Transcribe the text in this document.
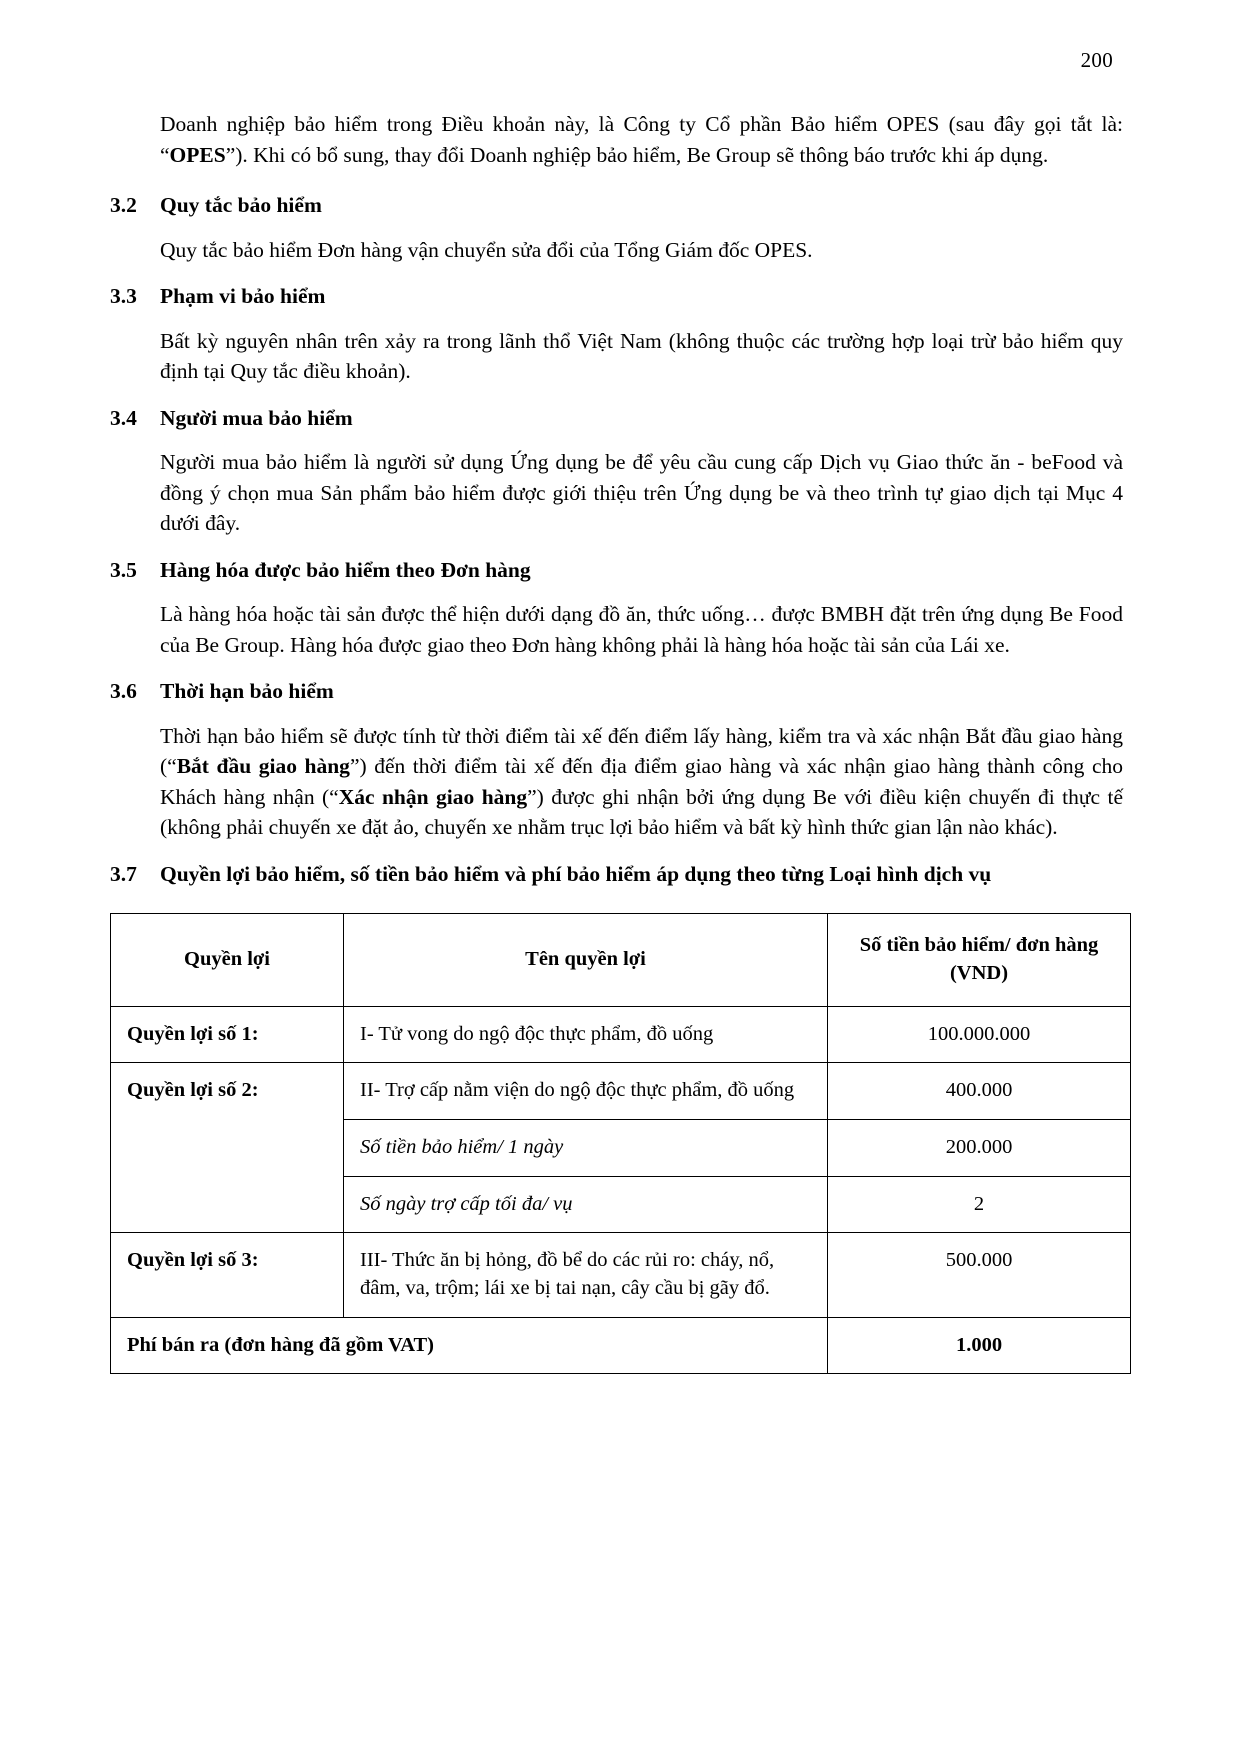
200

Doanh nghiệp bảo hiểm trong Điều khoản này, là Công ty Cổ phần Bảo hiểm OPES (sau đây gọi tắt là: “OPES”). Khi có bổ sung, thay đổi Doanh nghiệp bảo hiểm, Be Group sẽ thông báo trước khi áp dụng.

3.2	Quy tắc bảo hiểm

Quy tắc bảo hiểm Đơn hàng vận chuyển sửa đổi của Tổng Giám đốc OPES.

3.3	Phạm vi bảo hiểm

Bất kỳ nguyên nhân trên xảy ra trong lãnh thổ Việt Nam (không thuộc các trường hợp loại trừ bảo hiểm quy định tại Quy tắc điều khoản).

3.4	Người mua bảo hiểm

Người mua bảo hiểm là người sử dụng Ứng dụng be để yêu cầu cung cấp Dịch vụ Giao thức ăn - beFood và đồng ý chọn mua Sản phẩm bảo hiểm được giới thiệu trên Ứng dụng be và theo trình tự giao dịch tại Mục 4 dưới đây.

3.5	Hàng hóa được bảo hiểm theo Đơn hàng

Là hàng hóa hoặc tài sản được thể hiện dưới dạng đồ ăn, thức uống… được BMBH đặt trên ứng dụng Be Food của Be Group. Hàng hóa được giao theo Đơn hàng không phải là hàng hóa hoặc tài sản của Lái xe.

3.6	Thời hạn bảo hiểm

Thời hạn bảo hiểm sẽ được tính từ thời điểm tài xế đến điểm lấy hàng, kiểm tra và xác nhận Bắt đầu giao hàng (“Bắt đầu giao hàng”) đến thời điểm tài xế đến địa điểm giao hàng và xác nhận giao hàng thành công cho Khách hàng nhận (“Xác nhận giao hàng”) được ghi nhận bởi ứng dụng Be với điều kiện chuyến đi thực tế (không phải chuyến xe đặt ảo, chuyến xe nhằm trục lợi bảo hiểm và bất kỳ hình thức gian lận nào khác).

3.7	Quyền lợi bảo hiểm, số tiền bảo hiểm và phí bảo hiểm áp dụng theo từng Loại hình dịch vụ
Quyền lợi	Tên quyền lợi	Số tiền bảo hiểm/ đơn hàng (VND)
Quyền lợi số 1:	I- Tử vong do ngộ độc thực phẩm, đồ uống	100.000.000
Quyền lợi số 2:	II- Trợ cấp nằm viện do ngộ độc thực phẩm, đồ uống	400.000
	Số tiền bảo hiểm/ 1 ngày	200.000
	Số ngày trợ cấp tối đa/ vụ	2
Quyền lợi số 3:	III- Thức ăn bị hỏng, đồ bể do các rủi ro: cháy, nổ, đâm, va, trộm; lái xe bị tai nạn, cây cầu bị gãy đổ.	500.000
Phí bán ra (đơn hàng đã gồm VAT)		1.000
